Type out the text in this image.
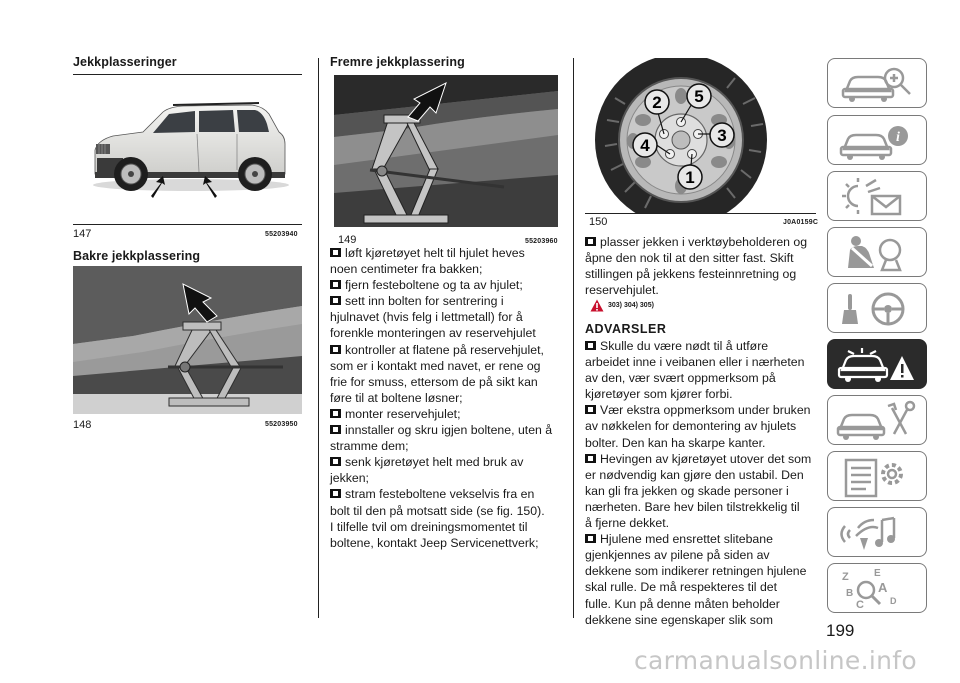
Jekkplasseringer
147	55203940
Bakre jekkplassering
148	55203950
Fremre jekkplassering
149	55203960
løft kjøretøyet helt til hjulet heves
noen centimeter fra bakken;
fjern festeboltene og ta av hjulet;
sett inn bolten for sentrering i
hjulnavet (hvis felg i lettmetall) for å
forenkle monteringen av reservehjulet
kontroller at flatene på reservehjulet,
som er i kontakt med navet, er rene og
frie for smuss, ettersom de på sikt kan
føre til at boltene løsner;
monter reservehjulet;
innstaller og skru igjen boltene, uten å
stramme dem;
senk kjøretøyet helt med bruk av
jekken;
stram festeboltene vekselvis fra en
bolt til den på motsatt side (se fig. 150).
I tilfelle tvil om dreiningsmomentet til
boltene, kontakt Jeep Servicenettverk;
1
2
3
4
5
150	J0A0159C
plasser jekken i verktøybeholderen og
åpne den nok til at den sitter fast. Skift
stillingen på jekkens festeinnretning og
reservehjulet.
303) 304) 305)
ADVARSLER
Skulle du være nødt til å utføre
arbeidet inne i veibanen eller i nærheten
av den, vær svært oppmerksom på
kjøretøyer som kjører forbi.
Vær ekstra oppmerksom under bruken
av nøkkelen for demontering av hjulets
bolter. Den kan ha skarpe kanter.
Hevingen av kjøretøyet utover det som
er nødvendig kan gjøre den ustabil. Den
kan gli fra jekken og skade personer i
nærheten. Bare hev bilen tilstrekkelig til
å fjerne dekket.
Hjulene med ensrettet slitebane
gjenkjennes av pilene på siden av
dekkene som indikerer retningen hjulene
skal rulle. De må respekteres til det
fulle. Kun på denne måten beholder
dekkene sine egenskaper slik som
i
Z	E
A
B
C	D
199
carmanualsonline.info
